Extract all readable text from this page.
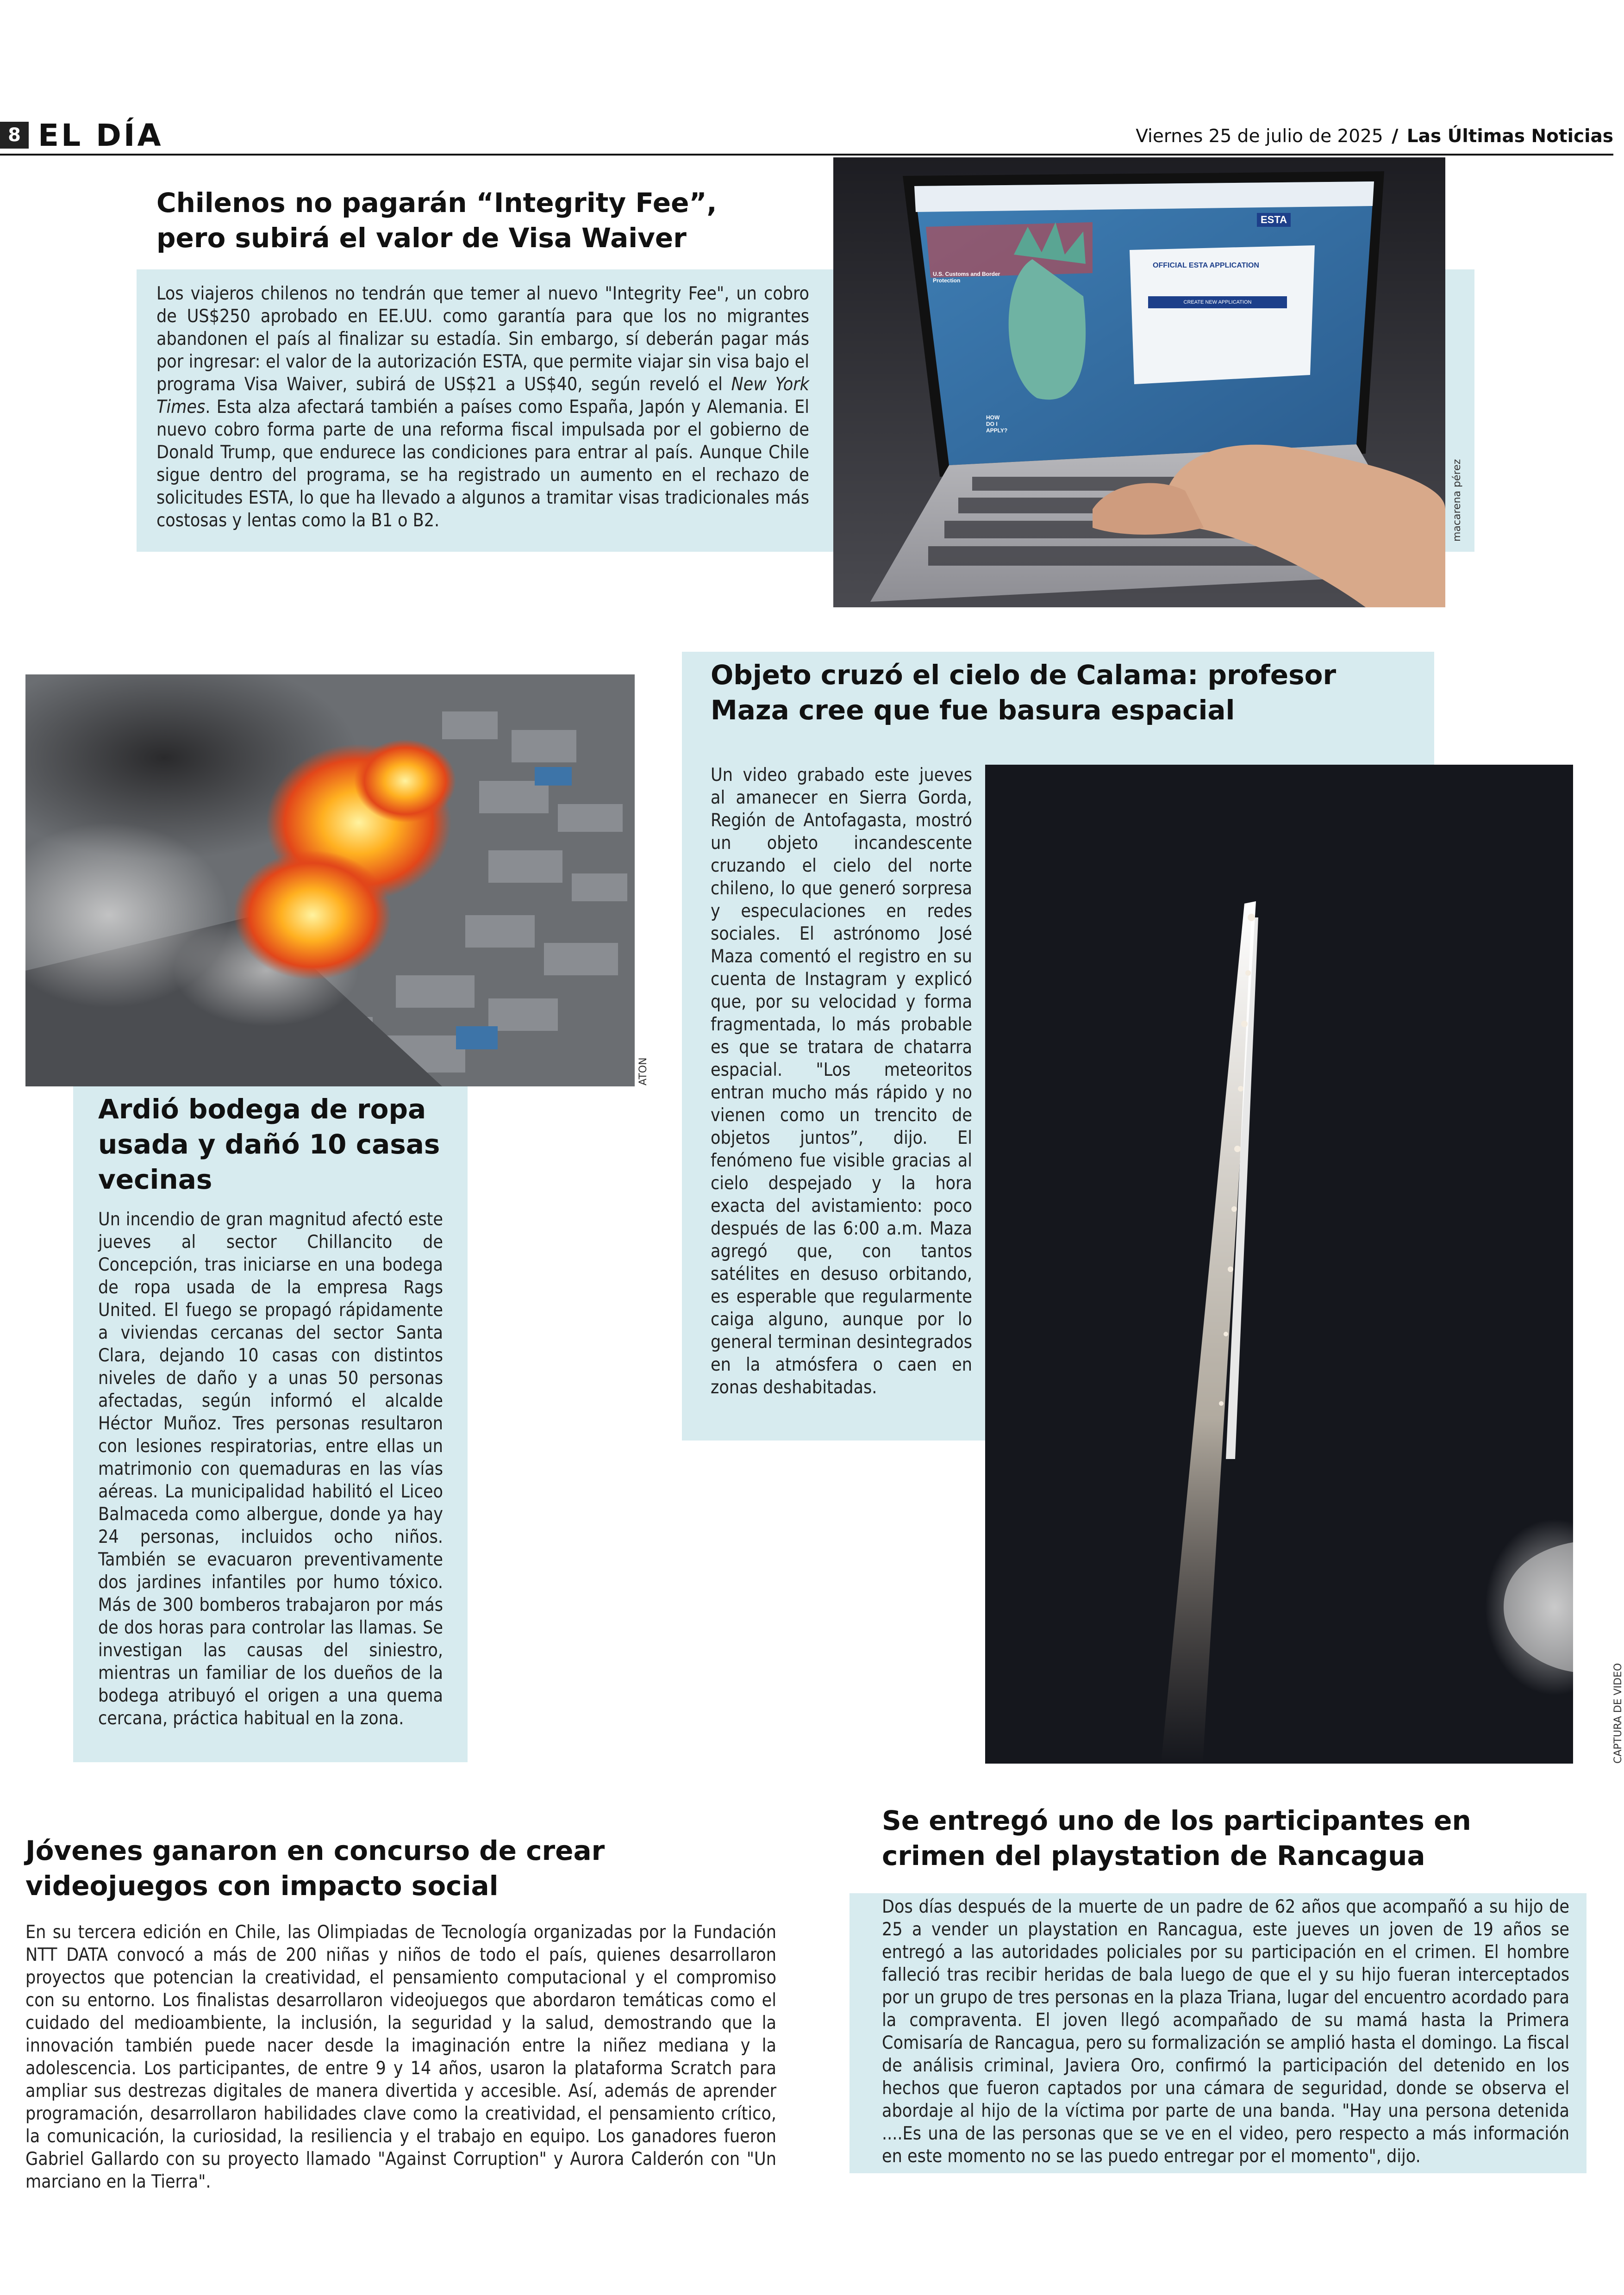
8 EL DÍA	Viernes 25 de julio de 2025 / Las Últimas Noticias
Chilenos no pagarán “Integrity Fee”, pero subirá el valor de Visa Waiver

Los viajeros chilenos no tendrán que temer al nuevo "Integrity Fee", un cobro de US$250 aprobado en EE.UU. como garantía para que los no migrantes abandonen el país al finalizar su estadía. Sin embargo, sí deberán pagar más por ingresar: el valor de la autorización ESTA, que permite viajar sin visa bajo el programa Visa Waiver, subirá de US$21 a US$40, según reveló el New York Times. Esta alza afectará también a países como España, Japón y Alemania. El nuevo cobro forma parte de una reforma fiscal impulsada por el gobierno de Donald Trump, que endurece las condiciones para entrar al país. Aunque Chile sigue dentro del programa, se ha registrado un aumento en el rechazo de solicitudes ESTA, lo que ha llevado a algunos a tramitar visas tradicionales más costosas y lentas como la B1 o B2.

U.S. Customs and Border Protection
ESTA
OFFICIAL ESTA APPLICATION
CREATE NEW APPLICATION
HOW DO I APPLY?
macarena pérez
ATON
Ardió bodega de ropa usada y dañó 10 casas vecinas

Un incendio de gran magnitud afectó este jueves al sector Chillancito de Concepción, tras iniciarse en una bodega de ropa usada de la empresa Rags United. El fuego se propagó rápidamente a viviendas cercanas del sector Santa Clara, dejando 10 casas con distintos niveles de daño y a unas 50 personas afectadas, según informó el alcalde Héctor Muñoz. Tres personas resultaron con lesiones respiratorias, entre ellas un matrimonio con quemaduras en las vías aéreas. La municipalidad habilitó el Liceo Balmaceda como albergue, donde ya hay 24 personas, incluidos ocho niños. También se evacuaron preventivamente dos jardines infantiles por humo tóxico. Más de 300 bomberos trabajaron por más de dos horas para controlar las llamas. Se investigan las causas del siniestro, mientras un familiar de los dueños de la bodega atribuyó el origen a una quema cercana, práctica habitual en la zona.

Objeto cruzó el cielo de Calama: profesor Maza cree que fue basura espacial

Un video grabado este jueves al amanecer en Sierra Gorda, Región de Antofagasta, mostró un objeto incandescente cruzando el cielo del norte chileno, lo que generó sorpresa y especulaciones en redes sociales. El astrónomo José Maza comentó el registro en su cuenta de Instagram y explicó que, por su velocidad y forma fragmentada, lo más probable es que se tratara de chatarra espacial. "Los meteoritos entran mucho más rápido y no vienen como un trencito de objetos juntos”, dijo. El fenómeno fue visible gracias al cielo despejado y la hora exacta del avistamiento: poco después de las 6:00 a.m. Maza agregó que, con tantos satélites en desuso orbitando, es esperable que regularmente caiga alguno, aunque por lo general terminan desintegrados en la atmósfera o caen en zonas deshabitadas.

CAPTURA DE VIDEO
Jóvenes ganaron en concurso de crear videojuegos con impacto social

En su tercera edición en Chile, las Olimpiadas de Tecnología organizadas por la Fundación NTT DATA convocó a más de 200 niñas y niños de todo el país, quienes desarrollaron proyectos que potencian la creatividad, el pensamiento computacional y el compromiso con su entorno. Los finalistas desarrollaron videojuegos que abordaron temáticas como el cuidado del medioambiente, la inclusión, la seguridad y la salud, demostrando que la innovación también puede nacer desde la imaginación entre la niñez mediana y la adolescencia. Los participantes, de entre 9 y 14 años, usaron la plataforma Scratch para ampliar sus destrezas digitales de manera divertida y accesible. Así, además de aprender programación, desarrollaron habilidades clave como la creatividad, el pensamiento crítico, la comunicación, la curiosidad, la resiliencia y el trabajo en equipo. Los ganadores fueron Gabriel Gallardo con su proyecto llamado "Against Corruption" y Aurora Calderón con "Un marciano en la Tierra".

Se entregó uno de los participantes en crimen del playstation de Rancagua

Dos días después de la muerte de un padre de 62 años que acompañó a su hijo de 25 a vender un playstation en Rancagua, este jueves un joven de 19 años se entregó a las autoridades policiales por su participación en el crimen. El hombre falleció tras recibir heridas de bala luego de que el y su hijo fueran interceptados por un grupo de tres personas en la plaza Triana, lugar del encuentro acordado para la compraventa. El joven llegó acompañado de su mamá hasta la Primera Comisaría de Rancagua, pero su formalización se amplió hasta el domingo. La fiscal de análisis criminal, Javiera Oro, confirmó la participación del detenido en los hechos que fueron captados por una cámara de seguridad, donde se observa el abordaje al hijo de la víctima por parte de una banda. "Hay una persona detenida ....Es una de las personas que se ve en el video, pero respecto a más información en este momento no se las puedo entregar por el momento", dijo.
